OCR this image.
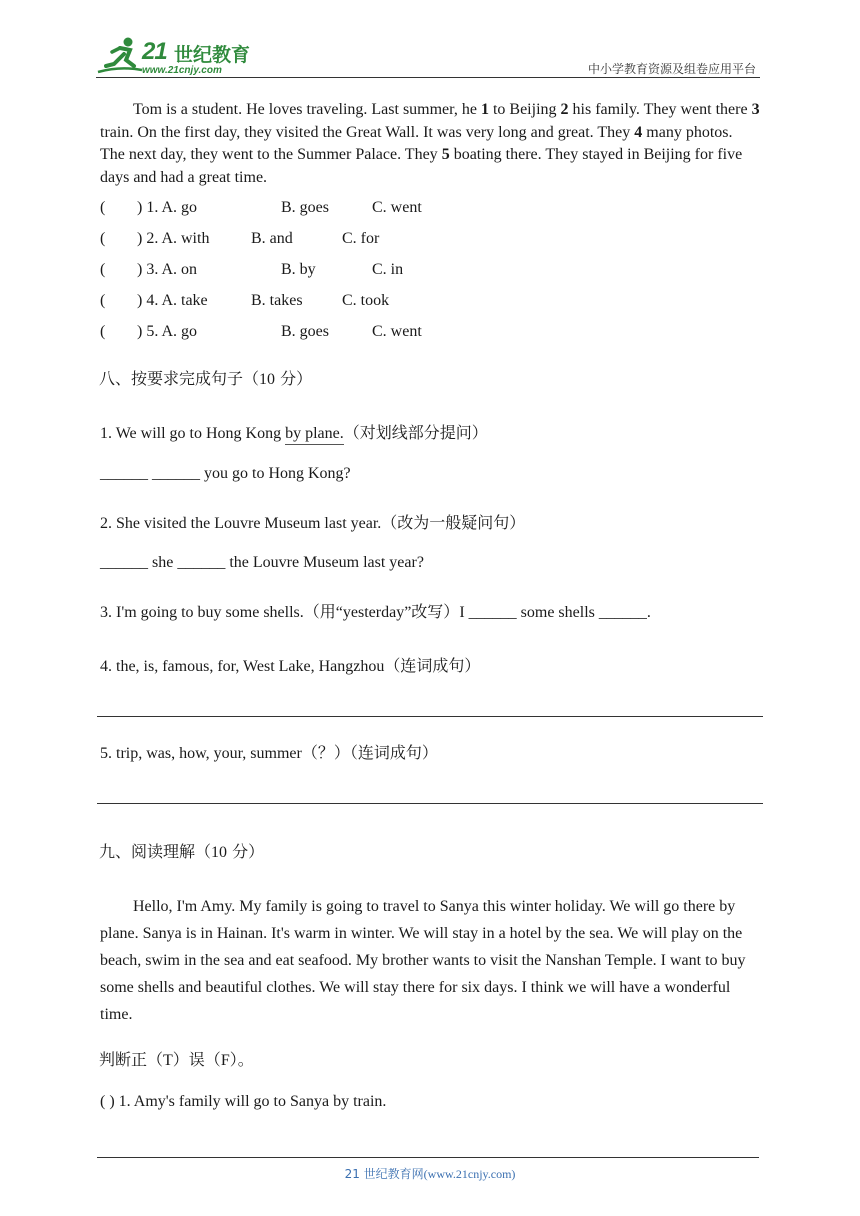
21 世纪教育
www.21cnjy.com	中小学教育资源及组卷应用平台
Tom is a student. He loves traveling. Last summer, he 1 to Beijing 2 his family. They went there 3 train. On the first day, they visited the Great Wall. It was very long and great. They 4 many photos. The next day, they went to the Summer Palace. They 5 boating there. They stayed in Beijing for five days and had a great time.
( ) 1. A. go	B. goes	C. went
( ) 2. A. with	B. and	C. for
( ) 3. A. on	B. by	C. in
( ) 4. A. take	B. takes C. took
( ) 5. A. go	B. goes	C. went
八、按要求完成句子（10 分）
1. We will go to Hong Kong by plane.（对划线部分提问）
______ ______ you go to Hong Kong?
2. She visited the Louvre Museum last year.（改为一般疑问句）
______ she ______ the Louvre Museum last year?
3. I'm going to buy some shells.（用“yesterday”改写）I ______ some shells ______.
4. the, is, famous, for, West Lake, Hangzhou（连词成句）
5. trip, was, how, your, summer（？）（连词成句）
九、阅读理解（10 分）
Hello, I'm Amy. My family is going to travel to Sanya this winter holiday. We will go there by plane. Sanya is in Hainan. It's warm in winter. We will stay in a hotel by the sea. We will play on the beach, swim in the sea and eat seafood. My brother wants to visit the Nanshan Temple. I want to buy some shells and beautiful clothes. We will stay there for six days. I think we will have a wonderful time.
判断正（T）误（F）。
( ) 1. Amy's family will go to Sanya by train.
21 世纪教育网(www.21cnjy.com)
